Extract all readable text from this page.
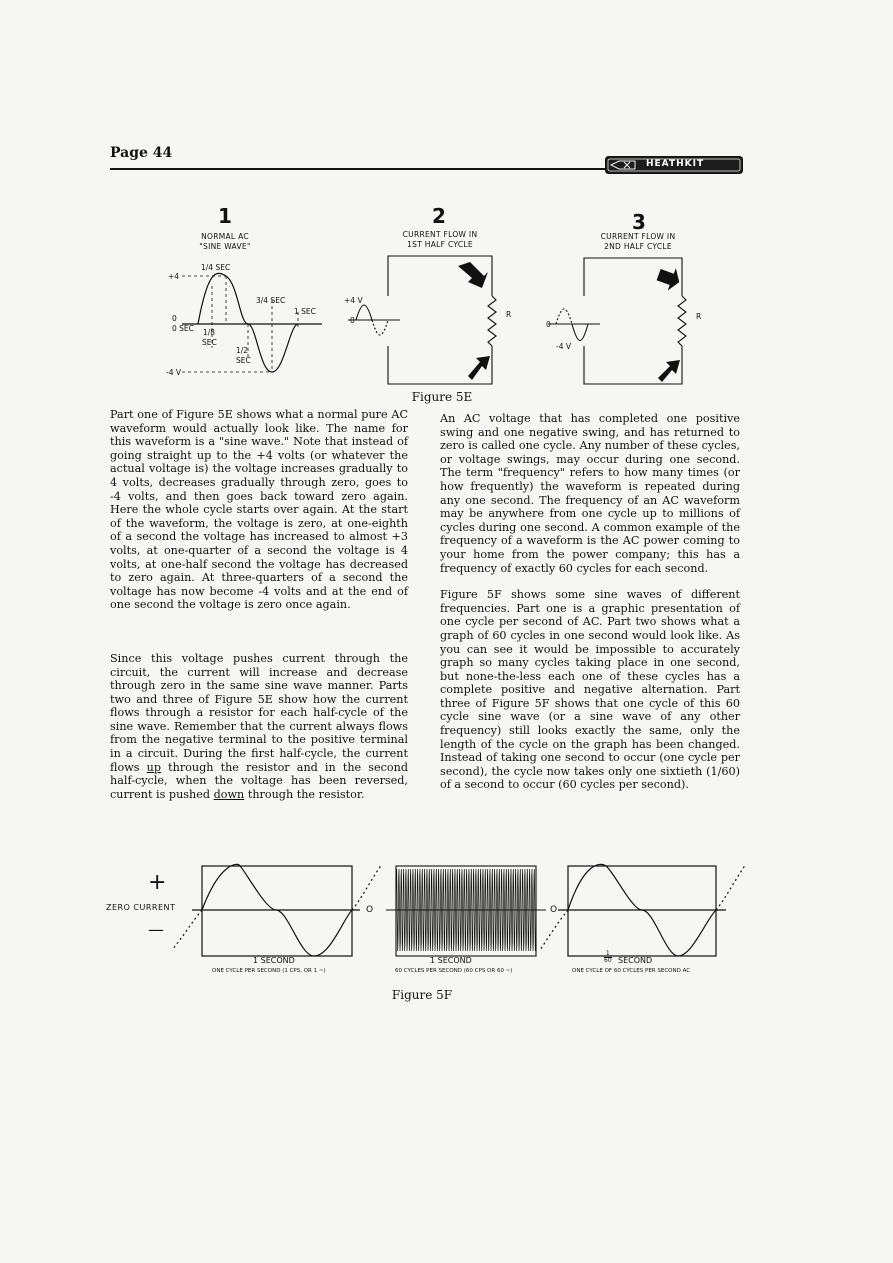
Page 44
HEATHKIT
1
NORMAL AC
"SINE WAVE"
1/4 SEC
+4
3/4 SEC
1 SEC
0
0 SEC 1/8
SEC
1/2
SEC
-4 V
2
CURRENT FLOW IN
1ST HALF CYCLE
+4 V
0
R
3
CURRENT FLOW IN
2ND HALF CYCLE
0
-4 V
R
Figure 5E

Part one of Figure 5E shows what a normal pure AC waveform would actually look like. The name for this waveform is a "sine wave." Note that instead of going straight up to the +4 volts (or whatever the actual voltage is) the voltage increases gradually to 4 volts, decreases gradually through zero, goes to -4 volts, and then goes back toward zero again. Here the whole cycle starts over again. At the start of the waveform, the voltage is zero, at one-eighth of a second the voltage has increased to almost +3 volts, at one-quarter of a second the voltage is 4 volts, at one-half second the voltage has decreased to zero again. At three-quarters of a second the voltage has now become -4 volts and at the end of one second the voltage is zero once again.

Since this voltage pushes current through the circuit, the current will increase and decrease through zero in the same sine wave manner. Parts two and three of Figure 5E show how the current flows through a resistor for each half-cycle of the sine wave. Remember that the current always flows from the negative terminal to the positive terminal in a circuit. During the first half-cycle, the current flows up through the resistor and in the second half-cycle, when the voltage has been reversed, current is pushed down through the resistor.

An AC voltage that has completed one positive swing and one negative swing, and has returned to zero is called one cycle. Any number of these cycles, or voltage swings, may occur during one second. The term "frequency" refers to how many times (or how frequently) the waveform is repeated during any one second. The frequency of an AC waveform may be anywhere from one cycle up to millions of cycles during one second. A common example of the frequency of a waveform is the AC power coming to your home from the power company; this has a frequency of exactly 60 cycles for each second.

Figure 5F shows some sine waves of different frequencies. Part one is a graphic presentation of one cycle per second of AC. Part two shows what a graph of 60 cycles in one second would look like. As you can see it would be impossible to accurately graph so many cycles taking place in one second, but none-the-less each one of these cycles has a complete positive and negative alternation. Part three of Figure 5F shows that one cycle of this 60 cycle sine wave (or a sine wave of any other frequency) still looks exactly the same, only the length of the cycle on the graph has been changed. Instead of taking one second to occur (one cycle per second), the cycle now takes only one sixtieth (1/60) of a second to occur (60 cycles per second).

+
ZERO CURRENT
—
O	O
1 SECOND
ONE CYCLE PER SECOND (1 CPS, OR 1 ~)
1 SECOND
60 CYCLES PER SECOND (60 CPS OR 60 ~)
$\frac{1}{60}$ SECOND
ONE CYCLE OF 60 CYCLES PER SECOND AC
Figure 5F
